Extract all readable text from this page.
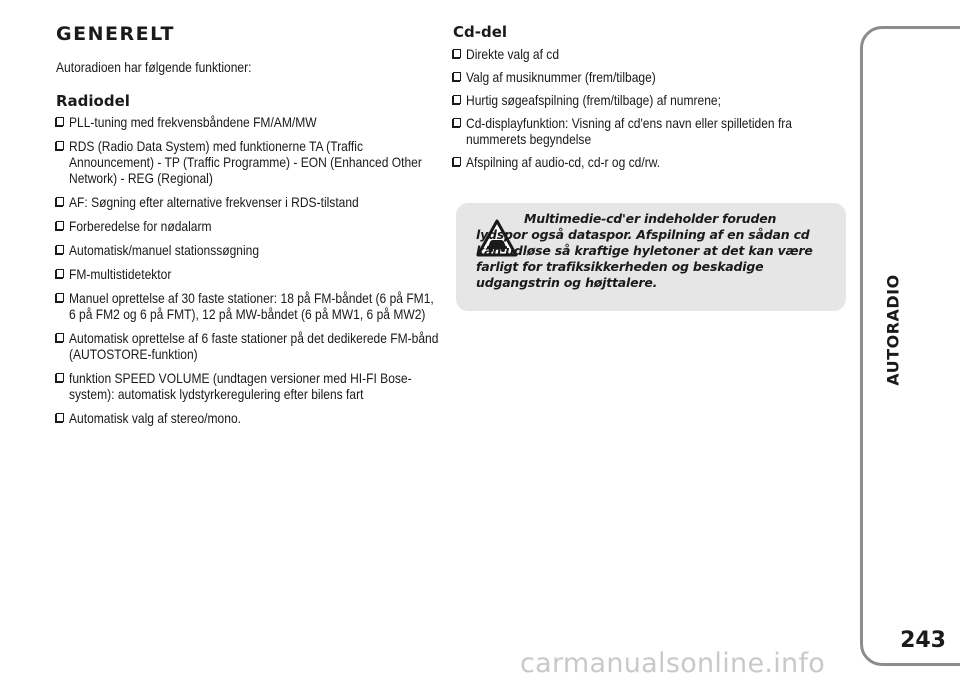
GENERELT

Autoradioen har følgende funktioner:

Radiodel
PLL-tuning med frekvensbåndene FM/AM/MW
RDS (Radio Data System) med funktionerne TA (Traffic Announcement) - TP (Traffic Programme) - EON (Enhanced Other Network) - REG (Regional)
AF: Søgning efter alternative frekvenser i RDS-tilstand
Forberedelse for nødalarm
Automatisk/manuel stationssøgning
FM-multistidetektor
Manuel oprettelse af 30 faste stationer: 18 på FM-båndet (6 på FM1, 6 på FM2 og 6 på FMT), 12 på MW-båndet (6 på MW1, 6 på MW2)
Automatisk oprettelse af 6 faste stationer på det dedikerede FM-bånd (AUTOSTORE-funktion)
funktion SPEED VOLUME (undtagen versioner med HI-FI Bose-system): automatisk lydstyrkeregulering efter bilens fart
Automatisk valg af stereo/mono.
Cd-del
Direkte valg af cd
Valg af musiknummer (frem/tilbage)
Hurtig søgeafspilning (frem/tilbage) af numrene;
Cd-displayfunktion: Visning af cd'ens navn eller spilletiden fra nummerets begyndelse
Afspilning af audio-cd, cd-r og cd/rw.
Multimedie-cd'er indeholder foruden lydspor også dataspor. Afspilning af en sådan cd kan udløse så kraftige hyletoner at det kan være farligt for trafiksikkerheden og beskadige udgangstrin og højttalere.	AUTORADIO
243
carmanualsonline.info
